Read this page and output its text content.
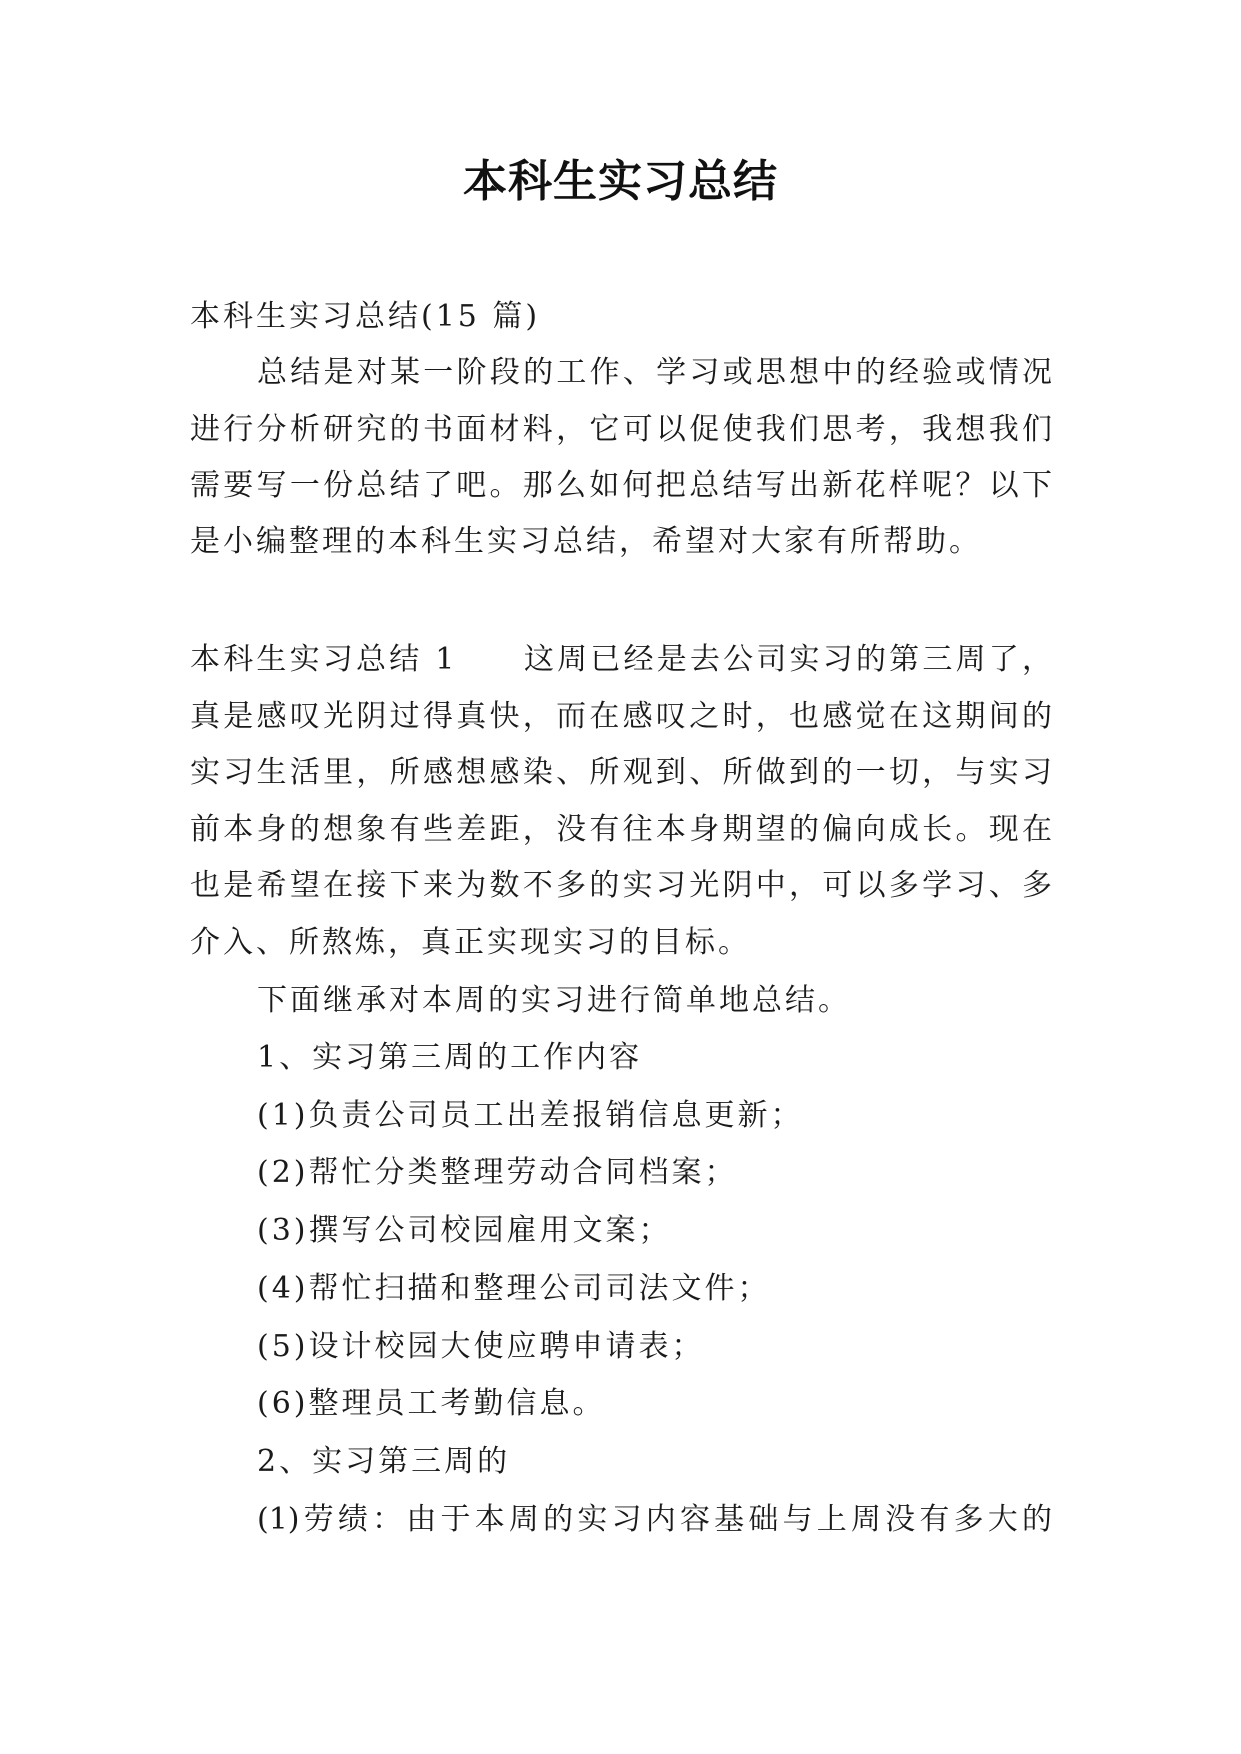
本科生实习总结
本科生实习总结(15 篇)
总结是对某一阶段的工作、学习或思想中的经验或情况
进行分析研究的书面材料，它可以促使我们思考，我想我们
需要写一份总结了吧。那么如何把总结写出新花样呢？以下
是小编整理的本科生实习总结，希望对大家有所帮助。
本科生实习总结 1　　这周已经是去公司实习的第三周了，
真是感叹光阴过得真快，而在感叹之时，也感觉在这期间的
实习生活里，所感想感染、所观到、所做到的一切，与实习
前本身的想象有些差距，没有往本身期望的偏向成长。现在
也是希望在接下来为数不多的实习光阴中，可以多学习、多
介入、所熬炼，真正实现实习的目标。
下面继承对本周的实习进行简单地总结。
1、实习第三周的工作内容
(1)负责公司员工出差报销信息更新；
(2)帮忙分类整理劳动合同档案；
(3)撰写公司校园雇用文案；
(4)帮忙扫描和整理公司司法文件；
(5)设计校园大使应聘申请表；
(6)整理员工考勤信息。
2、实习第三周的
(1)劳绩：由于本周的实习内容基础与上周没有多大的
